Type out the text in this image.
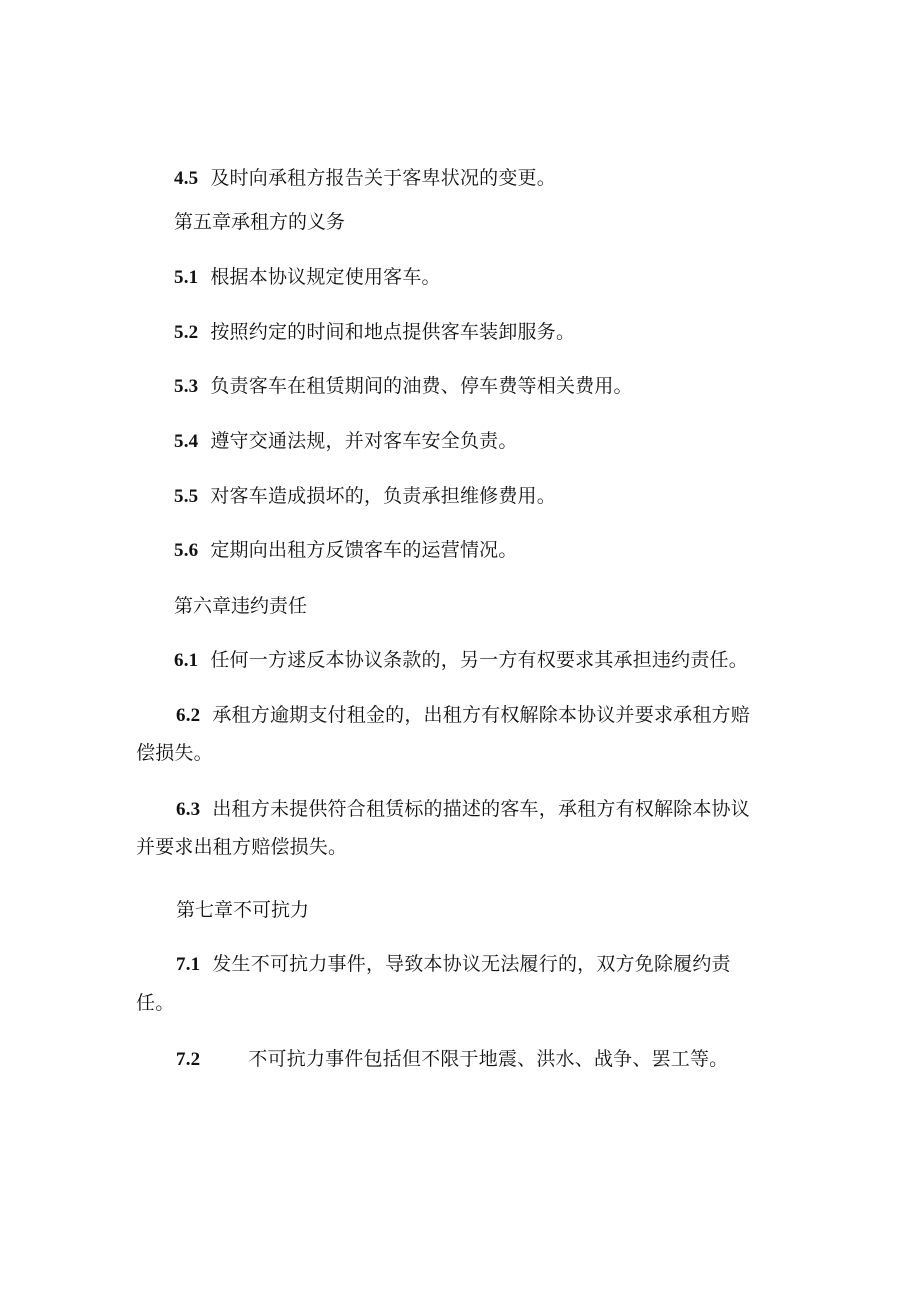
4.5 及时向承租方报告关于客卑状况的变更。
第五章承租方的义务
5.1 根据本协议规定使用客车。
5.2 按照约定的时间和地点提供客车装卸服务。
5.3 负责客车在租赁期间的油费、停车费等相关费用。
5.4 遵守交通法规，并对客车安全负责。
5.5 对客车造成损坏的，负责承担维修费用。
5.6 定期向出租方反馈客车的运营情况。
第六章违约责任
6.1 任何一方逑反本协议条款的，另一方有权要求其承担违约责任。
6.2 承租方逾期支付租金的，出租方有权解除本协议并要求承租方赔
偿损失。
6.3 出租方未提供符合租赁标的描述的客车，承租方有权解除本协议
并要求出租方赔偿损失。
第七章不可抗力
7.1 发生不可抗力事件，导致本协议无法履行的，双方免除履约责
任。
7.2	不可抗力事件包括但不限于地震、洪水、战争、罢工等。
